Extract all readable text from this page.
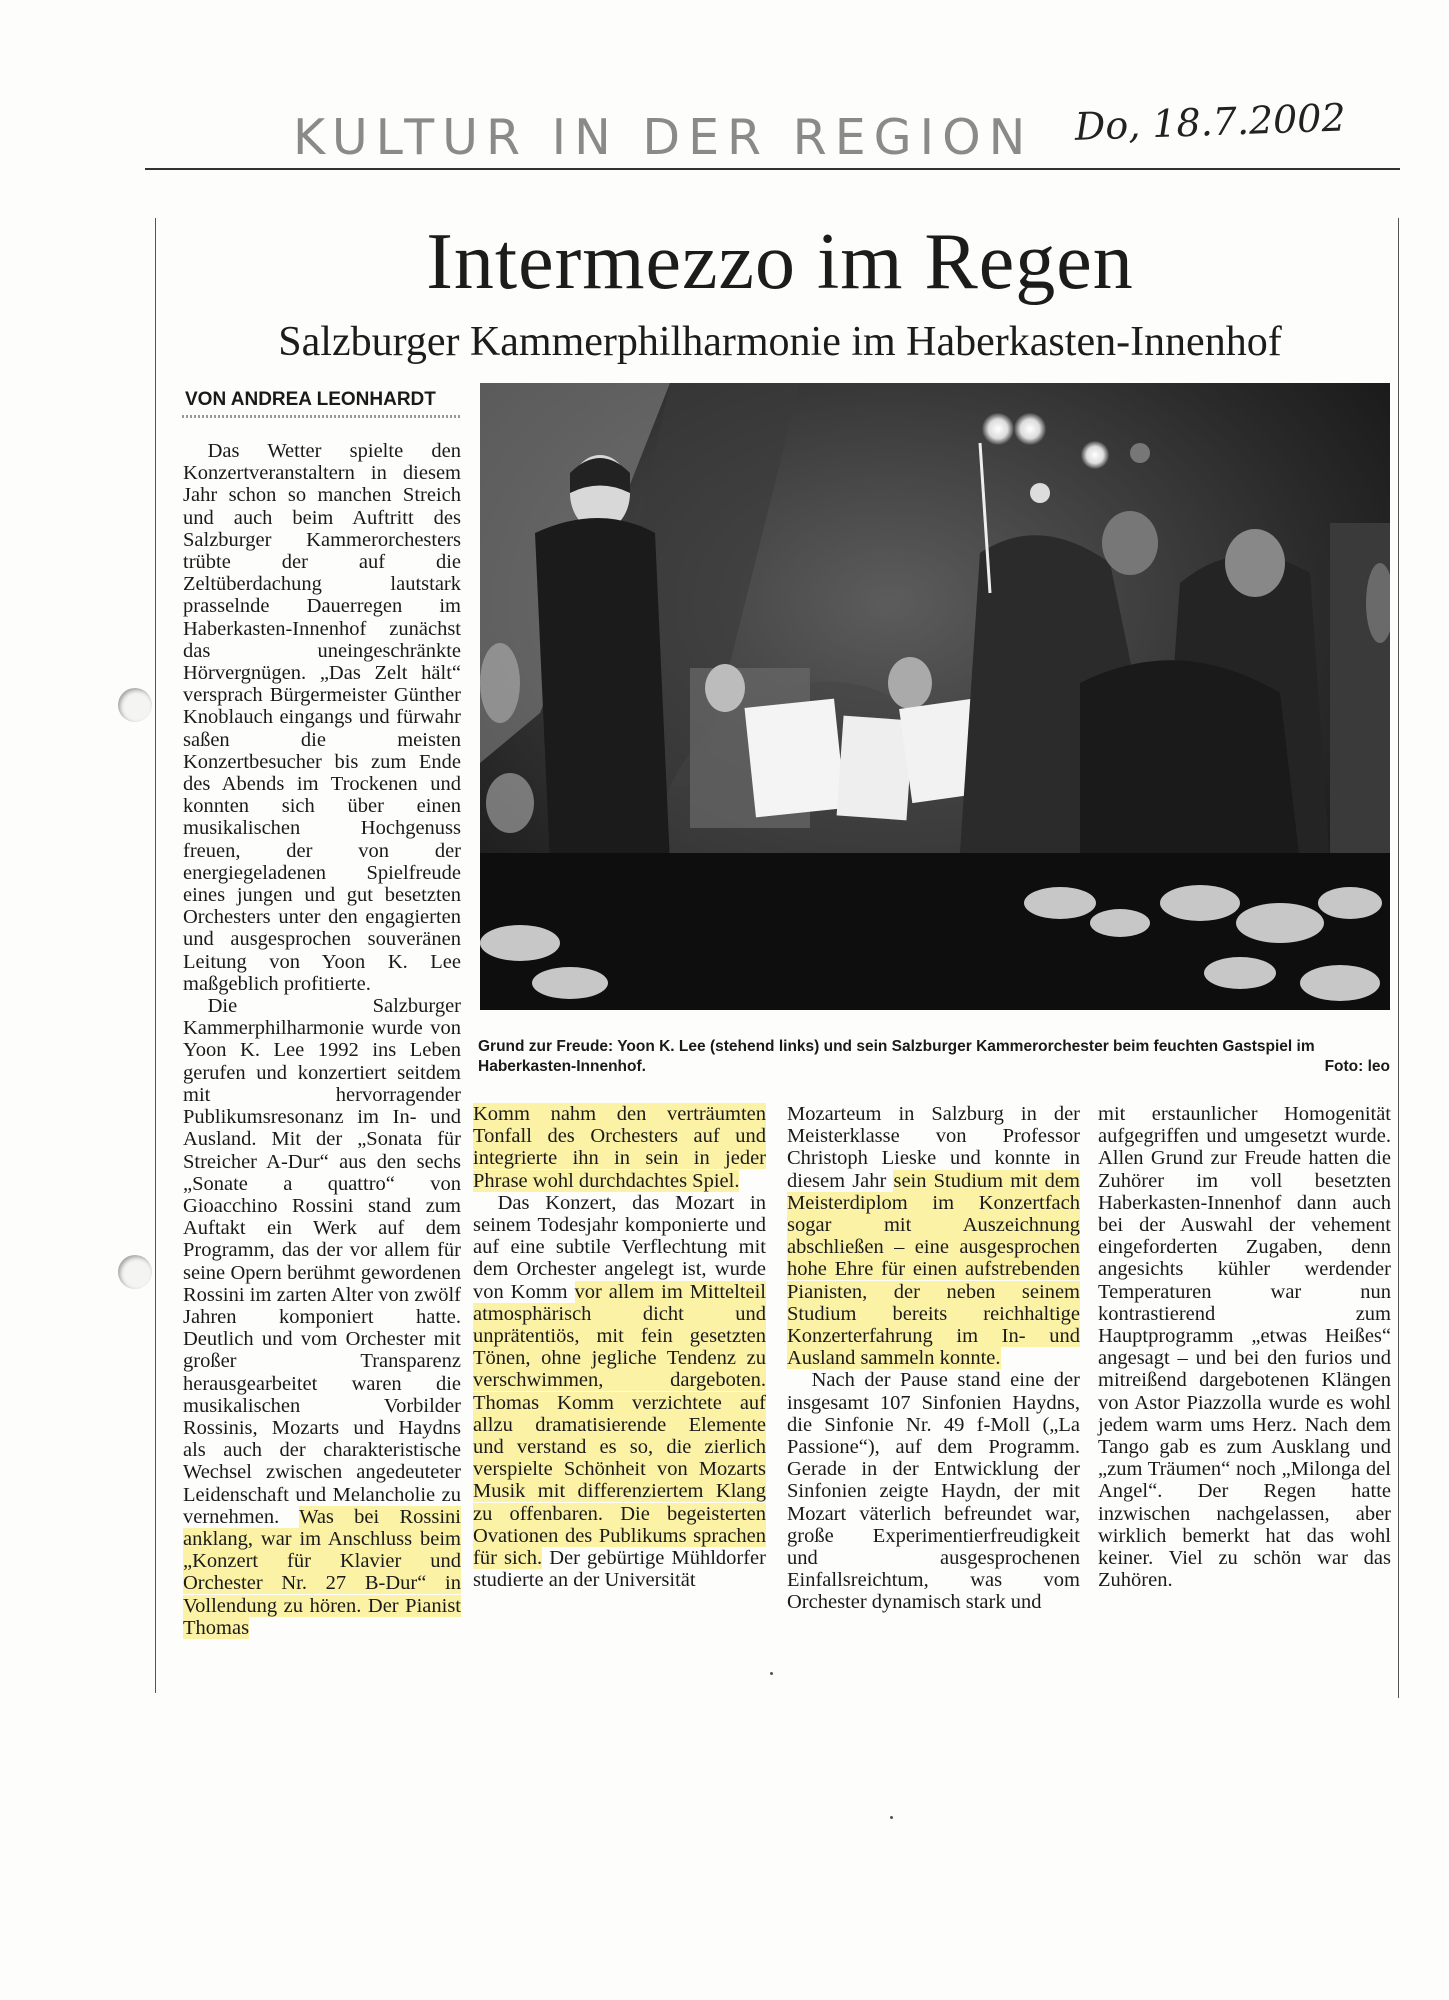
KULTUR IN DER REGION Do, 18.7.2002
Intermezzo im Regen
Salzburger Kammerphilharmonie im Haberkasten-Innenhof
VON ANDREA LEONHARDT

Das Wetter spielte den Konzertveranstaltern in diesem Jahr schon so manchen Streich und auch beim Auftritt des Salzburger Kammerorchesters trübte der auf die Zeltüberdachung lautstark prasselnde Dauerregen im Haberkasten-Innenhof zunächst das uneingeschränkte Hörvergnügen. „Das Zelt hält“ versprach Bürgermeister Günther Knoblauch eingangs und fürwahr saßen die meisten Konzertbesucher bis zum Ende des Abends im Trockenen und konnten sich über einen musikalischen Hochgenuss freuen, der von der energiegeladenen Spielfreude eines jungen und gut besetzten Orchesters unter den engagierten und ausgesprochen souveränen Leitung von Yoon K. Lee maßgeblich profitierte.

Die Salzburger Kammerphilharmonie wurde von Yoon K. Lee 1992 ins Leben gerufen und konzertiert seitdem mit hervorragender Publikumsresonanz im In- und Ausland. Mit der „Sonata für Streicher A-Dur“ aus den sechs „Sonate a quattro“ von Gioacchino Rossini stand zum Auftakt ein Werk auf dem Programm, das der vor allem für seine Opern berühmt gewordenen Rossini im zarten Alter von zwölf Jahren komponiert hatte. Deutlich und vom Orchester mit großer Transparenz herausgearbeitet waren die musikalischen Vorbilder Rossinis, Mozarts und Haydns als auch der charakteristische Wechsel zwischen angedeuteter Leidenschaft und Melancholie zu vernehmen. Was bei Rossini anklang, war im Anschluss beim „Konzert für Klavier und Orchester Nr. 27 B-Dur“ in Vollendung zu hören. Der Pianist Thomas

Grund zur Freude: Yoon K. Lee (stehend links) und sein Salzburger Kammerorchester beim feuchten Gastspiel im Haberkasten-Innenhof.	Foto: leo

Komm nahm den verträumten Tonfall des Orchesters auf und integrierte ihn in sein in jeder Phrase wohl durchdachtes Spiel.

Das Konzert, das Mozart in seinem Todesjahr komponierte und auf eine subtile Verflechtung mit dem Orchester angelegt ist, wurde von Komm vor allem im Mittelteil atmosphärisch dicht und unprätentiös, mit fein gesetzten Tönen, ohne jegliche Tendenz zu verschwimmen, dargeboten. Thomas Komm verzichtete auf allzu dramatisierende Elemente und verstand es so, die zierlich verspielte Schönheit von Mozarts Musik mit differenziertem Klang zu offenbaren. Die begeisterten Ovationen des Publikums sprachen für sich. Der gebürtige Mühldorfer studierte an der Universität

Mozarteum in Salzburg in der Meisterklasse von Professor Christoph Lieske und konnte in diesem Jahr sein Studium mit dem Meisterdiplom im Konzertfach sogar mit Auszeichnung abschließen – eine ausgesprochen hohe Ehre für einen aufstrebenden Pianisten, der neben seinem Studium bereits reichhaltige Konzerterfahrung im In- und Ausland sammeln konnte.

Nach der Pause stand eine der insgesamt 107 Sinfonien Haydns, die Sinfonie Nr. 49 f-Moll („La Passione“), auf dem Programm. Gerade in der Entwicklung der Sinfonien zeigte Haydn, der mit Mozart väterlich befreundet war, große Experimentierfreudigkeit und ausgesprochenen Einfallsreichtum, was vom Orchester dynamisch stark und

mit erstaunlicher Homogenität aufgegriffen und umgesetzt wurde. Allen Grund zur Freude hatten die Zuhörer im voll besetzten Haberkasten-Innenhof dann auch bei der Auswahl der vehement eingeforderten Zugaben, denn angesichts kühler werdender Temperaturen war nun kontrastierend zum Hauptprogramm „etwas Heißes“ angesagt – und bei den furios und mitreißend dargebotenen Klängen von Astor Piazzolla wurde es wohl jedem warm ums Herz. Nach dem Tango gab es zum Ausklang und „zum Träumen“ noch „Milonga del Angel“. Der Regen hatte inzwischen nachgelassen, aber wirklich bemerkt hat das wohl keiner. Viel zu schön war das Zuhören.
